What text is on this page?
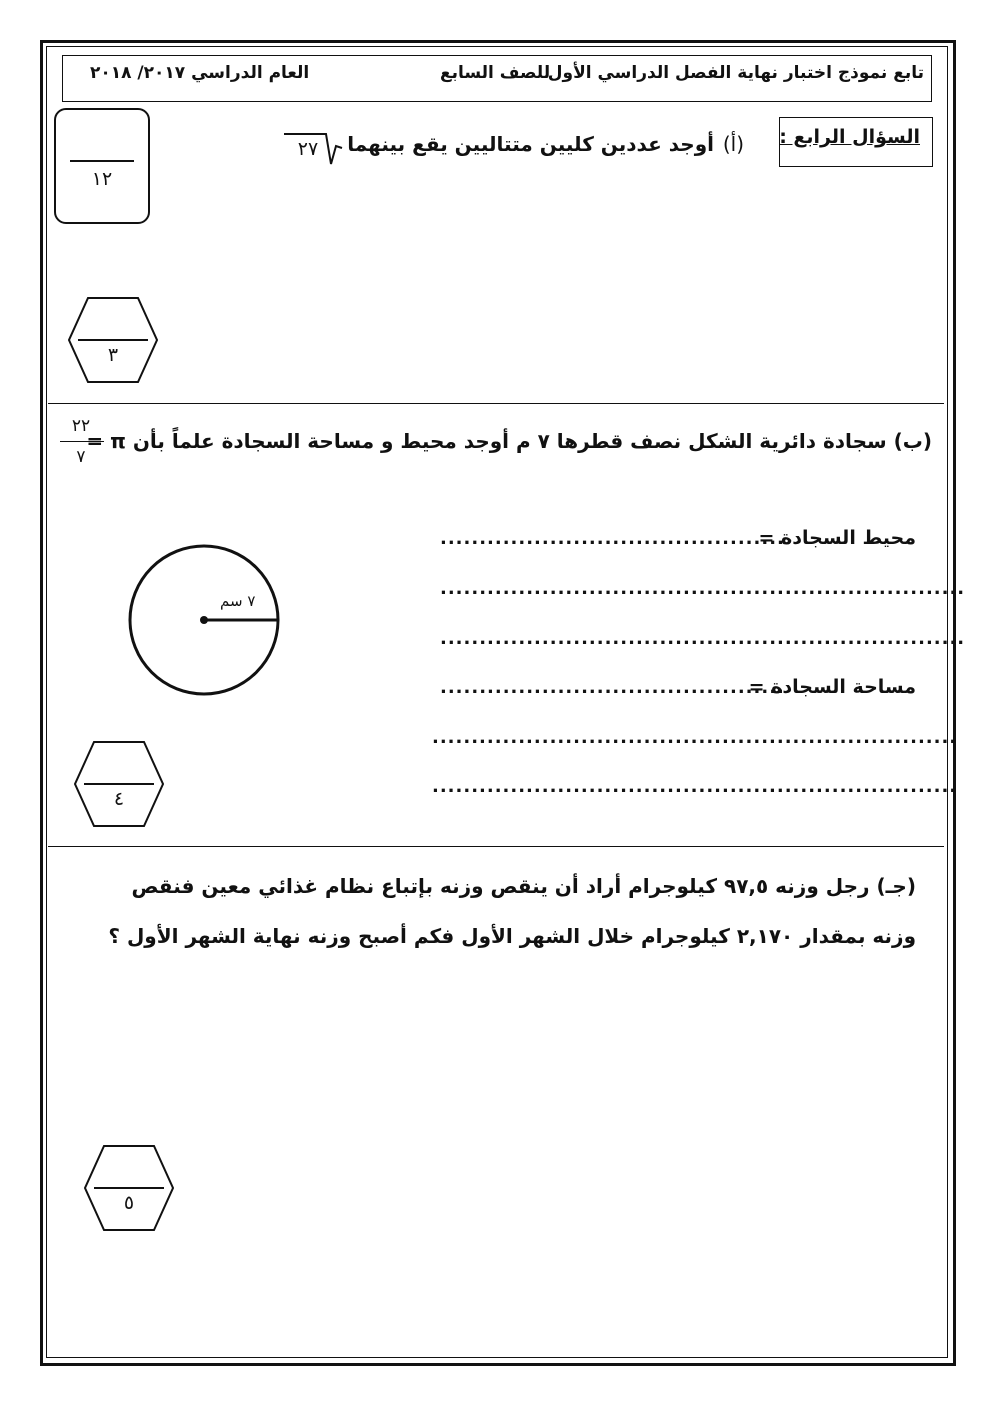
تابع نموذج اختبار نهاية الفصل الدراسي الأول
للصف السابع
العام الدراسي ٢٠١٧/ ٢٠١٨
١٢
السؤال الرابع :
(أ)
أوجد عددين كليين متتاليين يقع بينهما
٢٧
٣
(ب) سجادة دائرية الشكل نصف قطرها ٧ م أوجد محيط و مساحة السجادة علماً بأن π =
٢٢
٧
محيط السجادة =
............................................
...................................................................
...................................................................
مساحة السجادة =
............................................
...................................................................
...................................................................
٧ سم
٤
(جـ) رجل وزنه ٩٧,٥ كيلوجرام أراد أن ينقص وزنه بإتباع نظام غذائي معين فنقص
وزنه بمقدار ٢,١٧٠ كيلوجرام خلال الشهر الأول فكم أصبح وزنه نهاية الشهر الأول ؟
٥
